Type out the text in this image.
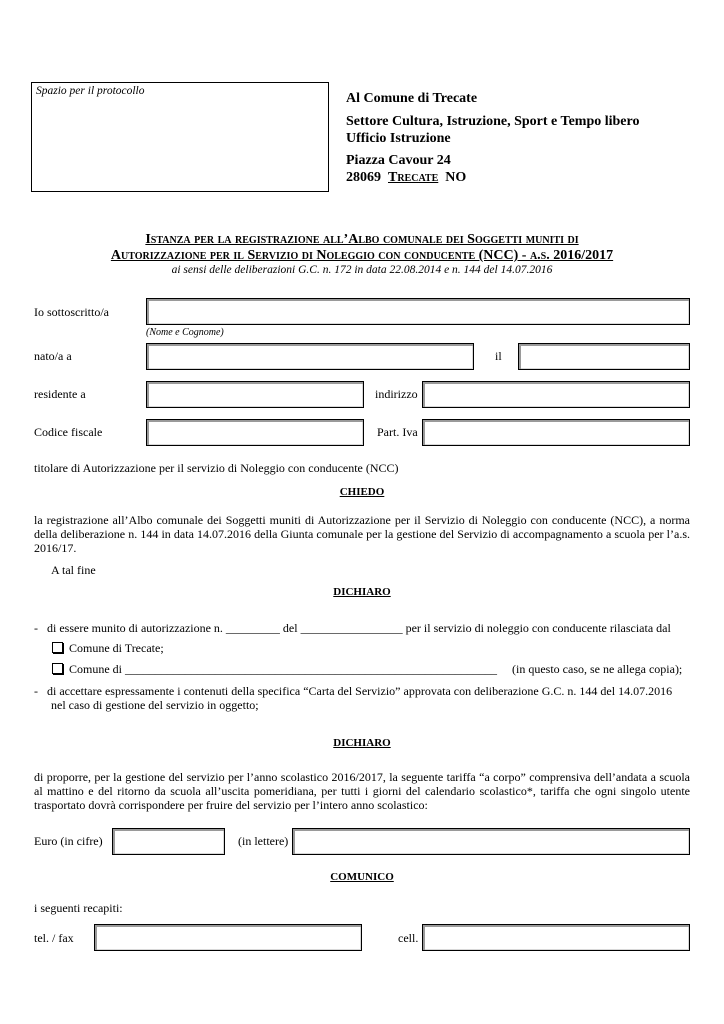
Spazio per il protocollo	Al Comune di Trecate
Settore Cultura, Istruzione, Sport e Tempo libero
Ufficio Istruzione
Piazza Cavour 24
28069 Trecate NO
Istanza per la registrazione all’Albo comunale dei Soggetti muniti di
Autorizzazione per il Servizio di Noleggio con conducente (NCC) - a.s. 2016/2017
ai sensi delle deliberazioni G.C. n. 172 in data 22.08.2014 e n. 144 del 14.07.2016
Io sottoscritto/a
(Nome e Cognome)
nato/a a	il
residente a	indirizzo
Codice fiscale	Part. Iva
titolare di Autorizzazione per il servizio di Noleggio con conducente (NCC)
CHIEDO
la registrazione all’Albo comunale dei Soggetti muniti di Autorizzazione per il Servizio di Noleggio con conducente (NCC), a norma della deliberazione n. 144 in data 14.07.2016 della Giunta comunale per la gestione del Servizio di accompagnamento a scuola per l’a.s. 2016/17.
A tal fine
DICHIARO
-   di essere munito di autorizzazione n. _________ del _________________ per il servizio di noleggio con conducente rilasciata dal
Comune di Trecate;
Comune di ______________________________________________________________ (in questo caso, se ne allega copia);
-   di accettare espressamente i contenuti della specifica “Carta del Servizio” approvata con deliberazione G.C. n. 144 del 14.07.2016
nel caso di gestione del servizio in oggetto;
DICHIARO
di proporre, per la gestione del servizio per l’anno scolastico 2016/2017, la seguente tariffa “a corpo” comprensiva dell’andata a scuola al mattino e del ritorno da scuola all’uscita pomeridiana, per tutti i giorni del calendario scolastico*, tariffa che ogni singolo utente trasportato dovrà corrispondere per fruire del servizio per l’intero anno scolastico:
Euro (in cifre)	(in lettere)
COMUNICO
i seguenti recapiti:
tel. / fax	cell.
